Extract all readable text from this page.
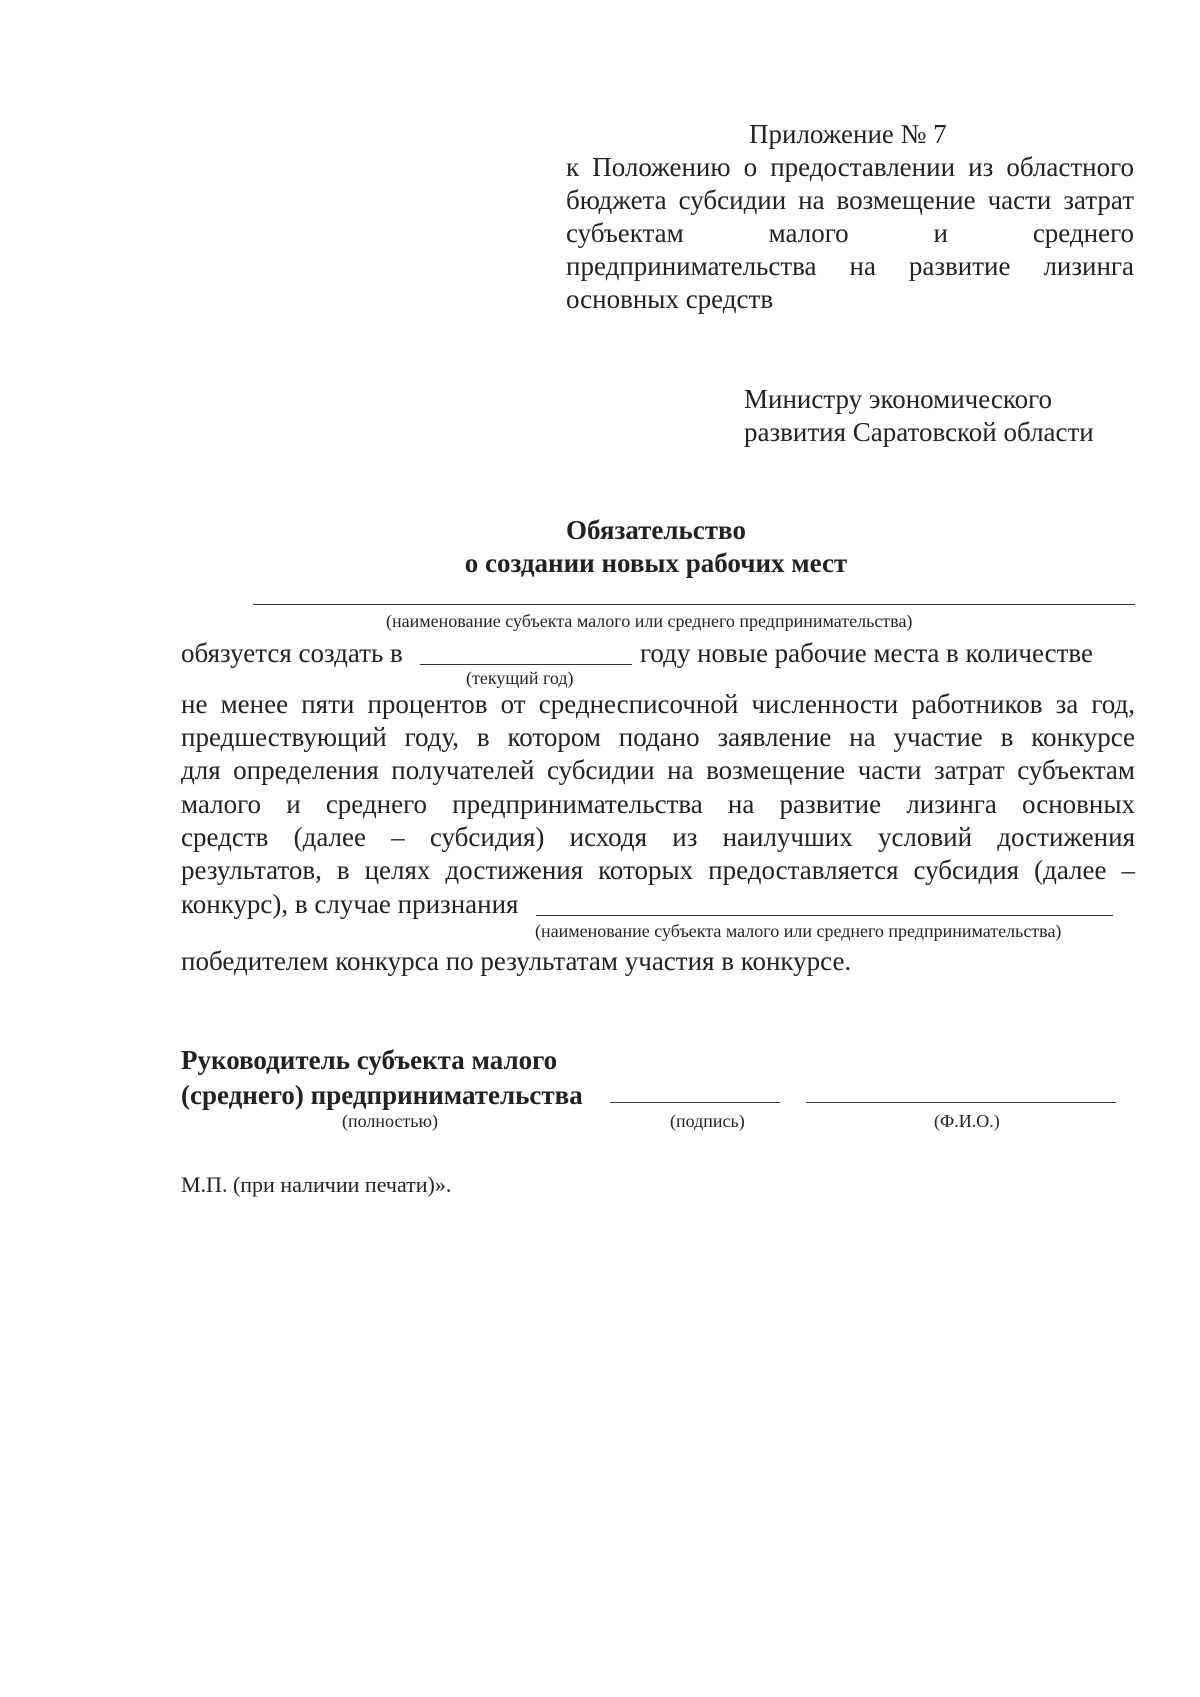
Приложение № 7
к Положению о предоставлении из областного бюджета субсидии на возмещение части затрат субъектам малого и среднего предпринимательства на развитие лизинга основных средств
Министру экономического
развития Саратовской области
Обязательство
о создании новых рабочих мест
(наименование субъекта малого или среднего предпринимательства)
обязуется создать в	году новые рабочие места в количестве
(текущий год)
не менее пяти процентов от среднесписочной численности работников за год,
предшествующий году, в котором подано заявление на участие в конкурсе
для определения получателей субсидии на возмещение части затрат субъектам
малого и среднего предпринимательства на развитие лизинга основных
средств (далее – субсидия) исходя из наилучших условий достижения
результатов, в целях достижения которых предоставляется субсидия (далее –
конкурс), в случае признания
(наименование субъекта малого или среднего предпринимательства)
победителем конкурса по результатам участия в конкурсе.
Руководитель субъекта малого
(среднего) предпринимательства
(полностью)	(подпись)	(Ф.И.О.)
М.П. (при наличии печати)».
